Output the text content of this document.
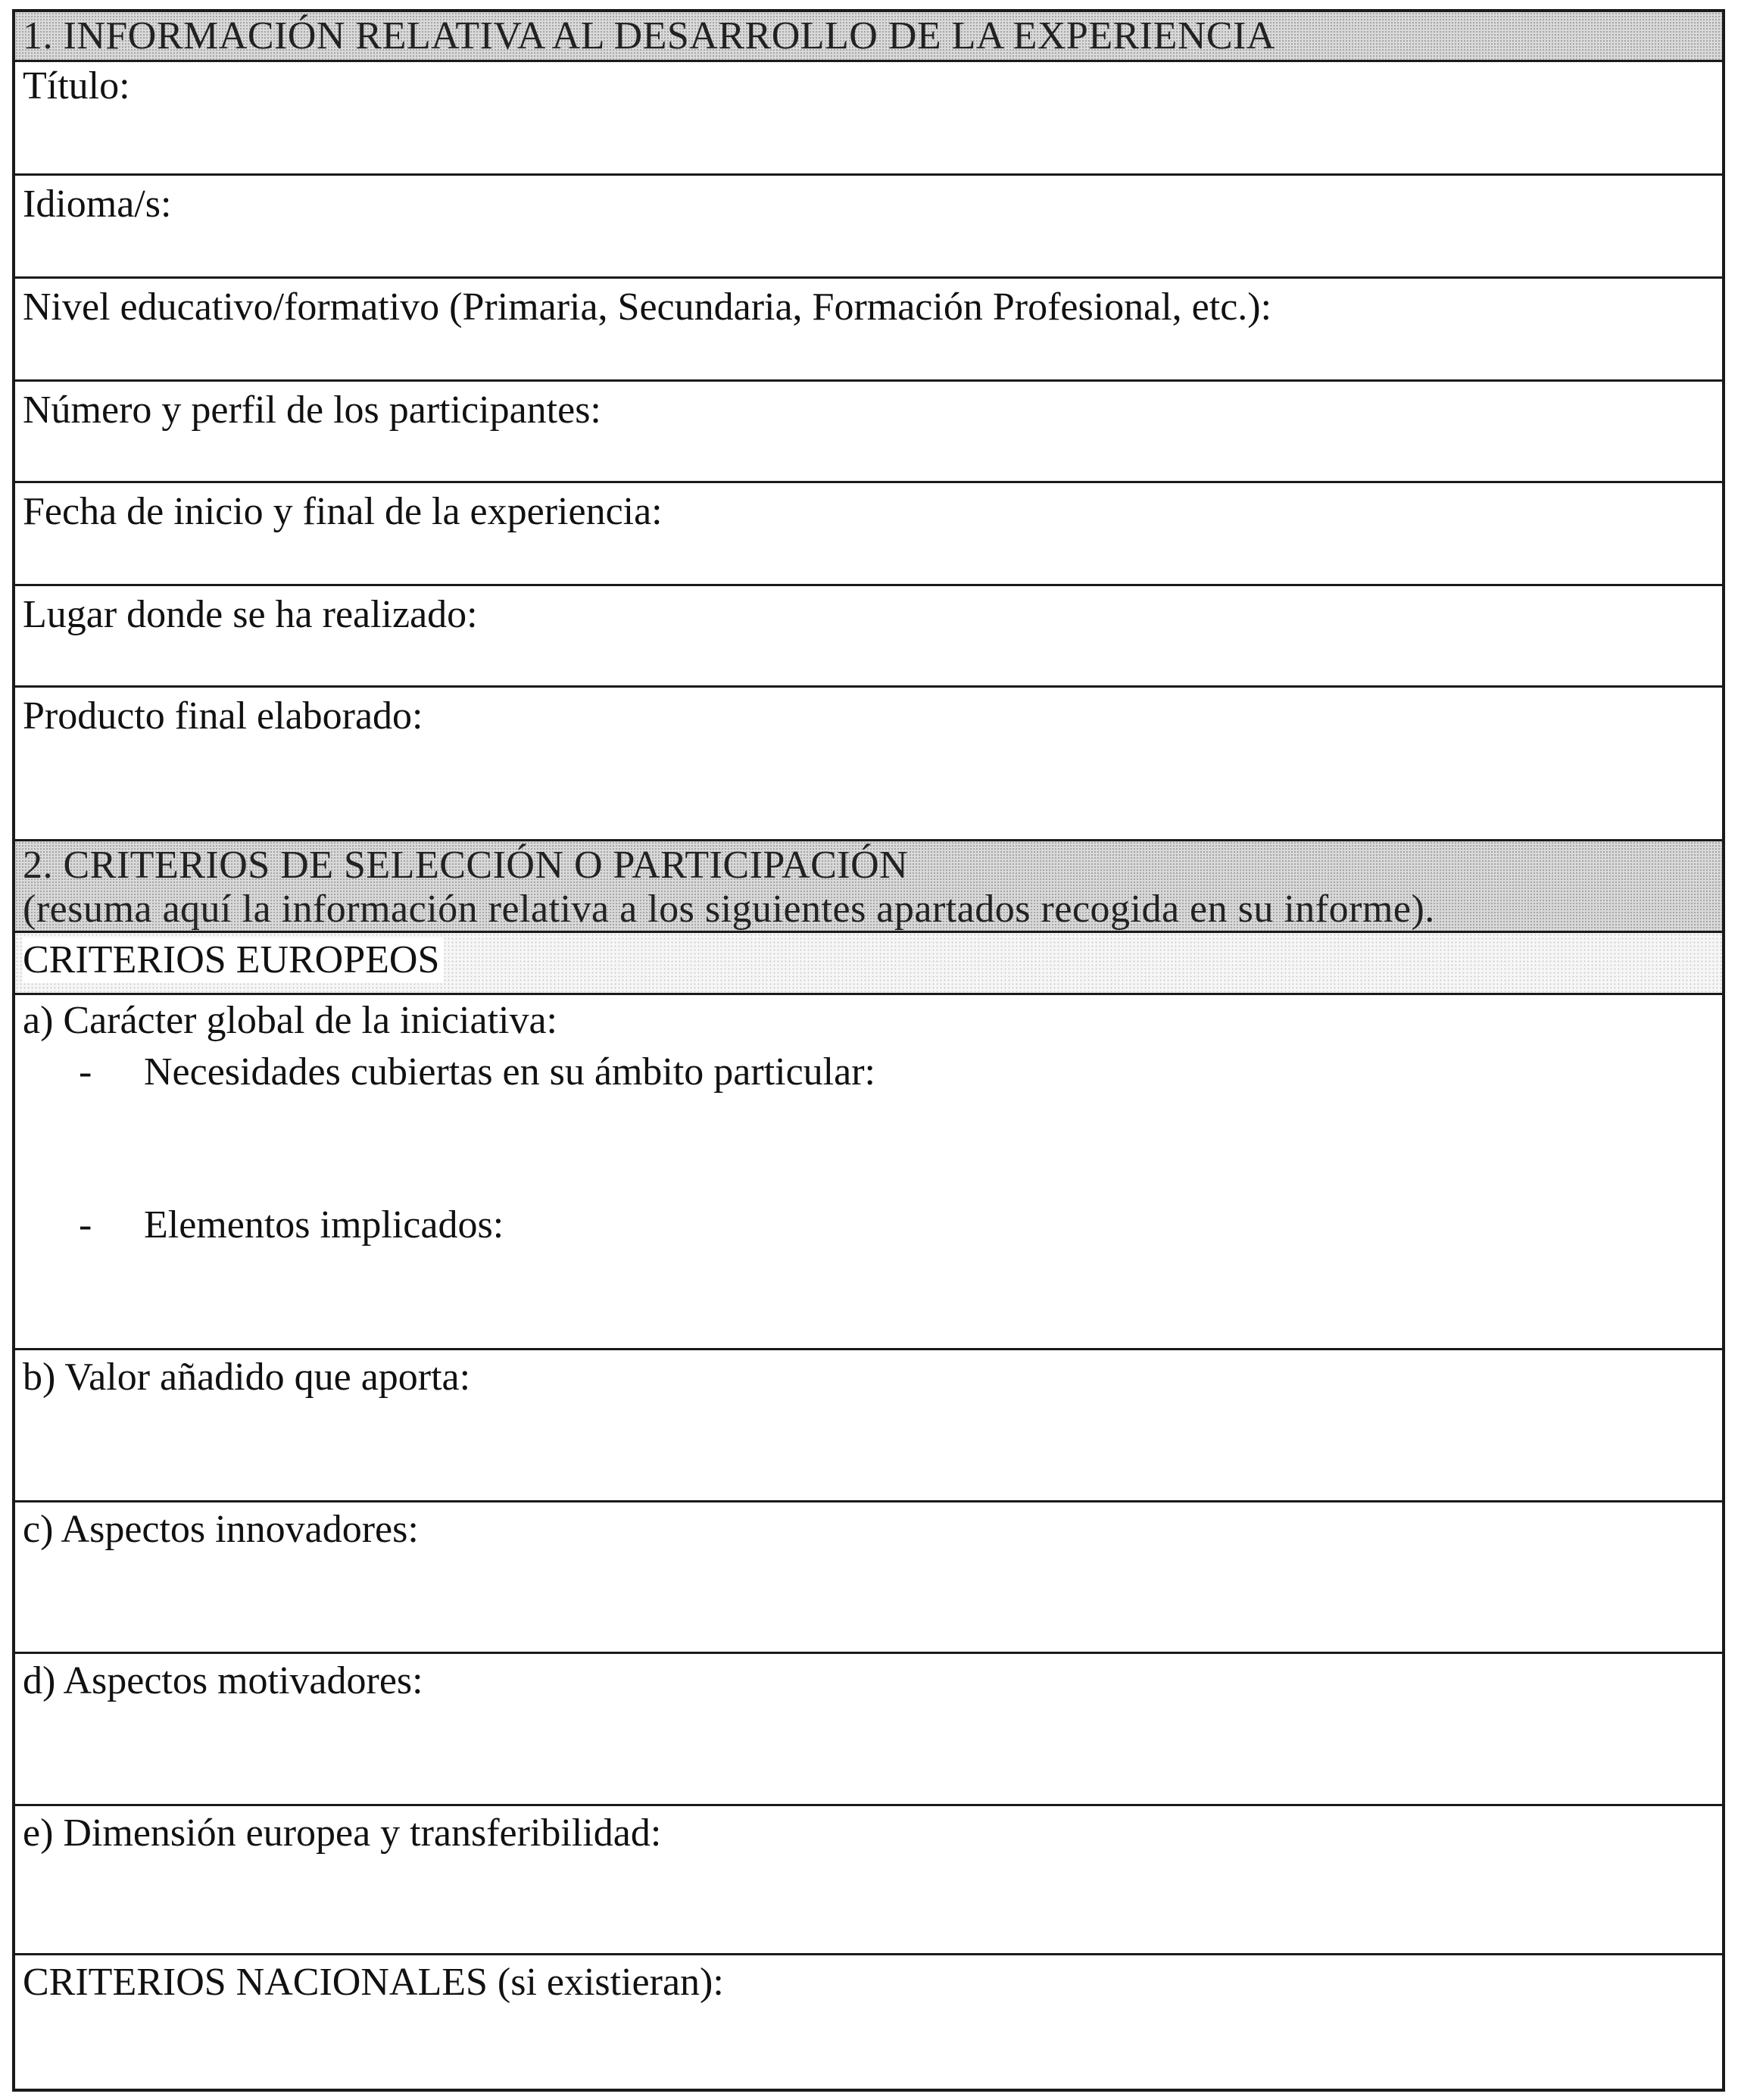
1. INFORMACIÓN RELATIVA AL DESARROLLO DE LA EXPERIENCIA
Título:
Idioma/s:
Nivel educativo/formativo (Primaria, Secundaria, Formación Profesional, etc.):
Número y perfil de los participantes:
Fecha de inicio y final de la experiencia:
Lugar donde se ha realizado:
Producto final elaborado:
2. CRITERIOS DE SELECCIÓN O PARTICIPACIÓN
(resuma aquí la información relativa a los siguientes apartados recogida en su informe).
CRITERIOS EUROPEOS
a) Carácter global de la iniciativa:
- Necesidades cubiertas en su ámbito particular:
- Elementos implicados:
b) Valor añadido que aporta:
c) Aspectos innovadores:
d) Aspectos motivadores:
e) Dimensión europea y transferibilidad:
CRITERIOS NACIONALES (si existieran):
